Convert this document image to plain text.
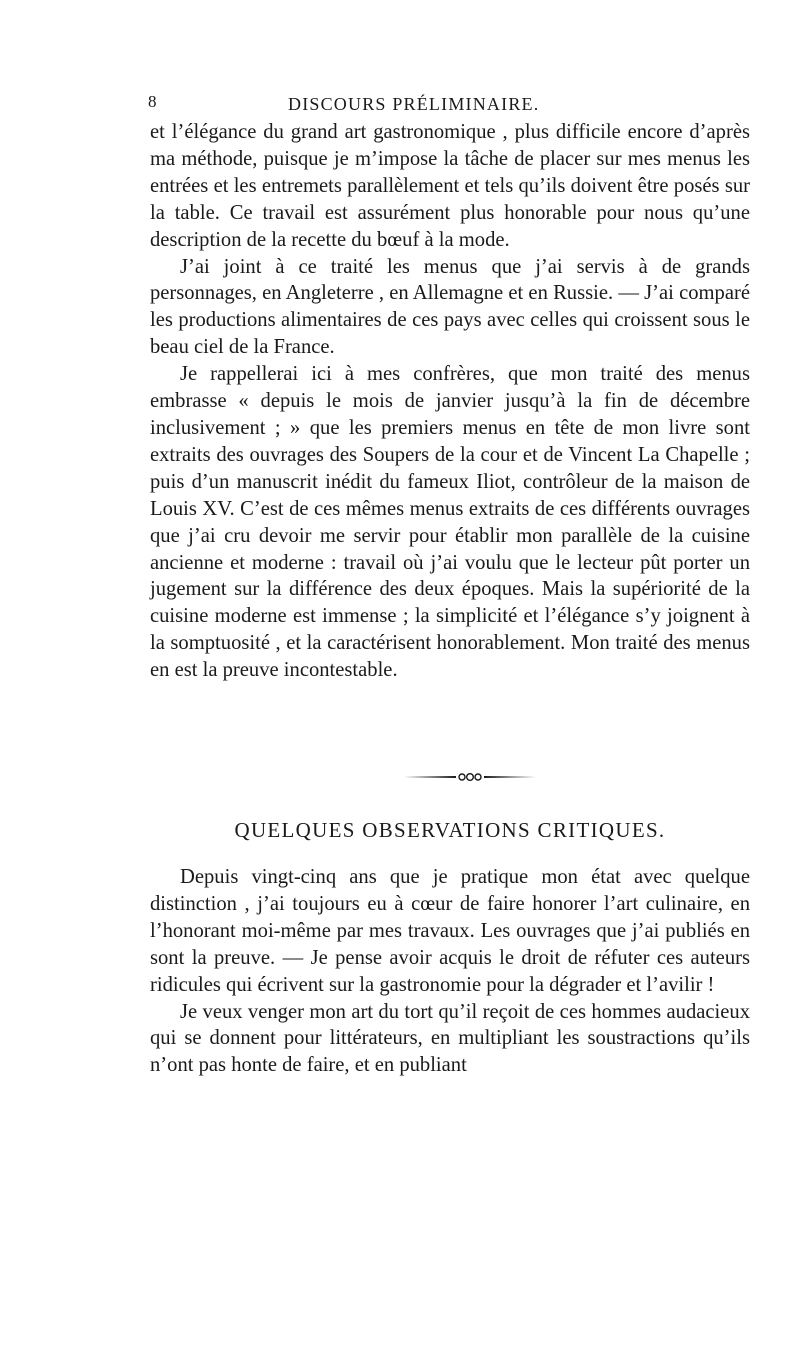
8	DISCOURS PRÉLIMINAIRE.

et l’élégance du grand art gastronomique , plus difficile encore d’après ma méthode, puisque je m’impose la tâche de placer sur mes menus les entrées et les entremets parallèlement et tels qu’ils doivent être posés sur la table. Ce travail est assurément plus honorable pour nous qu’une description de la recette du bœuf à la mode.

J’ai joint à ce traité les menus que j’ai servis à de grands personnages, en Angleterre , en Allemagne et en Russie. — J’ai comparé les productions alimentaires de ces pays avec celles qui croissent sous le beau ciel de la France.

Je rappellerai ici à mes confrères, que mon traité des menus embrasse « depuis le mois de janvier jusqu’à la fin de décembre inclusivement ; » que les premiers menus en tête de mon livre sont extraits des ouvrages des Soupers de la cour et de Vincent La Chapelle ; puis d’un manuscrit inédit du fameux Iliot, contrôleur de la maison de Louis XV. C’est de ces mêmes menus extraits de ces différents ouvrages que j’ai cru devoir me servir pour établir mon parallèle de la cuisine ancienne et moderne : travail où j’ai voulu que le lecteur pût porter un jugement sur la différence des deux époques. Mais la supériorité de la cuisine moderne est immense ; la simplicité et l’élégance s’y joignent à la somptuosité , et la caractérisent honorablement. Mon traité des menus en est la preuve incontestable.

QUELQUES OBSERVATIONS CRITIQUES.

Depuis vingt-cinq ans que je pratique mon état avec quelque distinction , j’ai toujours eu à cœur de faire honorer l’art culinaire, en l’honorant moi-même par mes travaux. Les ouvrages que j’ai publiés en sont la preuve. — Je pense avoir acquis le droit de réfuter ces auteurs ridicules qui écrivent sur la gastronomie pour la dégrader et l’avilir !

Je veux venger mon art du tort qu’il reçoit de ces hommes audacieux qui se donnent pour littérateurs, en multipliant les soustractions qu’ils n’ont pas honte de faire, et en publiant
